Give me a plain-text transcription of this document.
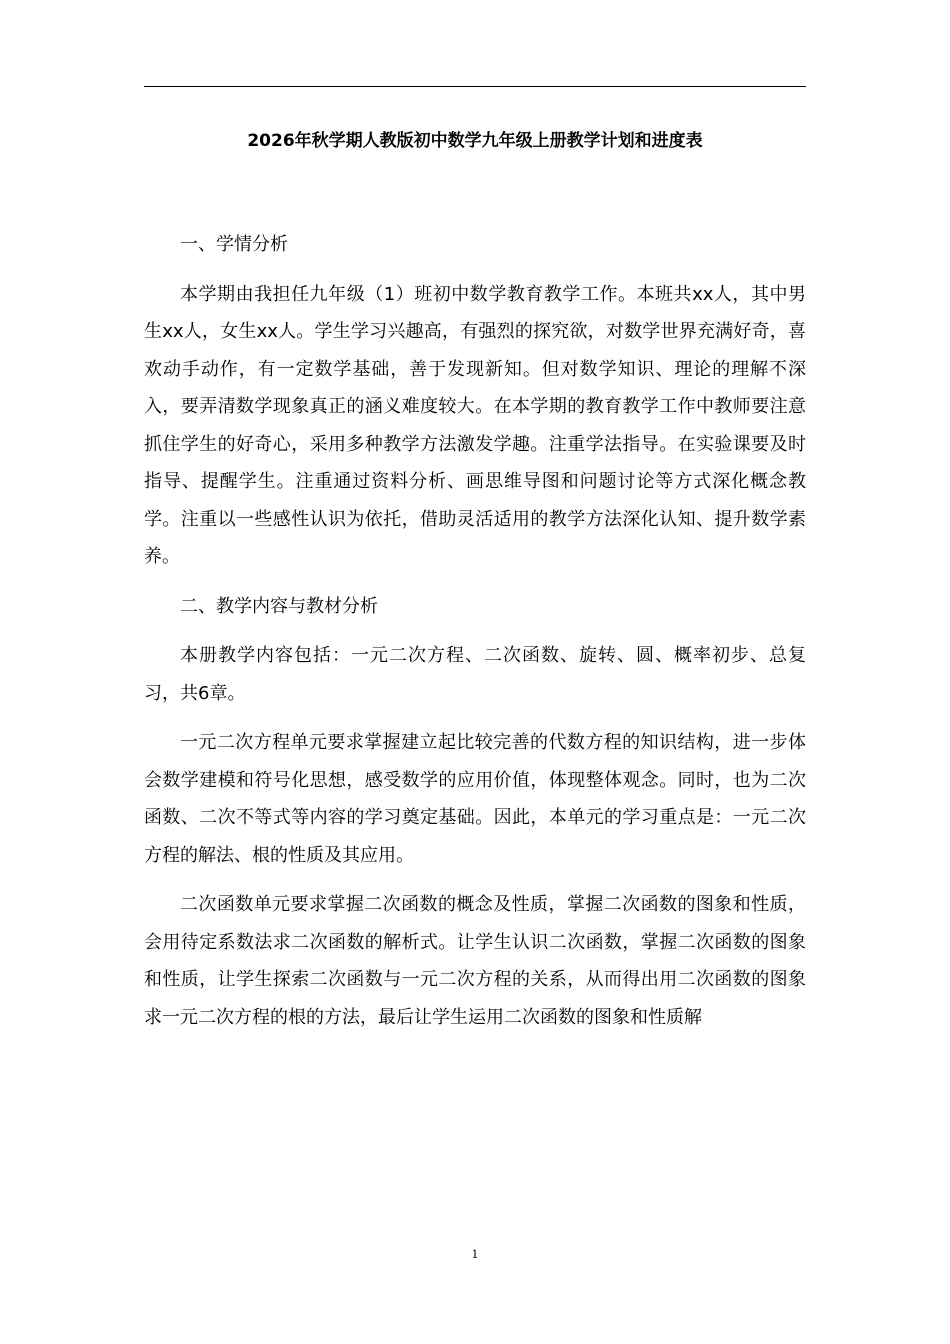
2026年秋学期人教版初中数学九年级上册教学计划和进度表

一、学情分析

本学期由我担任九年级（1）班初中数学教育教学工作。本班共xx人，其中男生xx人，女生xx人。学生学习兴趣高，有强烈的探究欲，对数学世界充满好奇，喜欢动手动作，有一定数学基础，善于发现新知。但对数学知识、理论的理解不深入，要弄清数学现象真正的涵义难度较大。在本学期的教育教学工作中教师要注意抓住学生的好奇心，采用多种教学方法激发学趣。注重学法指导。在实验课要及时指导、提醒学生。注重通过资料分析、画思维导图和问题讨论等方式深化概念教学。注重以一些感性认识为依托，借助灵活适用的教学方法深化认知、提升数学素养。

二、教学内容与教材分析

本册教学内容包括：一元二次方程、二次函数、旋转、圆、概率初步、总复习，共6章。

一元二次方程单元要求掌握建立起比较完善的代数方程的知识结构，进一步体会数学建模和符号化思想，感受数学的应用价值，体现整体观念。同时，也为二次函数、二次不等式等内容的学习奠定基础。因此，本单元的学习重点是：一元二次方程的解法、根的性质及其应用。

二次函数单元要求掌握二次函数的概念及性质，掌握二次函数的图象和性质，会用待定系数法求二次函数的解析式。让学生认识二次函数，掌握二次函数的图象和性质，让学生探索二次函数与一元二次方程的关系，从而得出用二次函数的图象求一元二次方程的根的方法，最后让学生运用二次函数的图象和性质解

1
